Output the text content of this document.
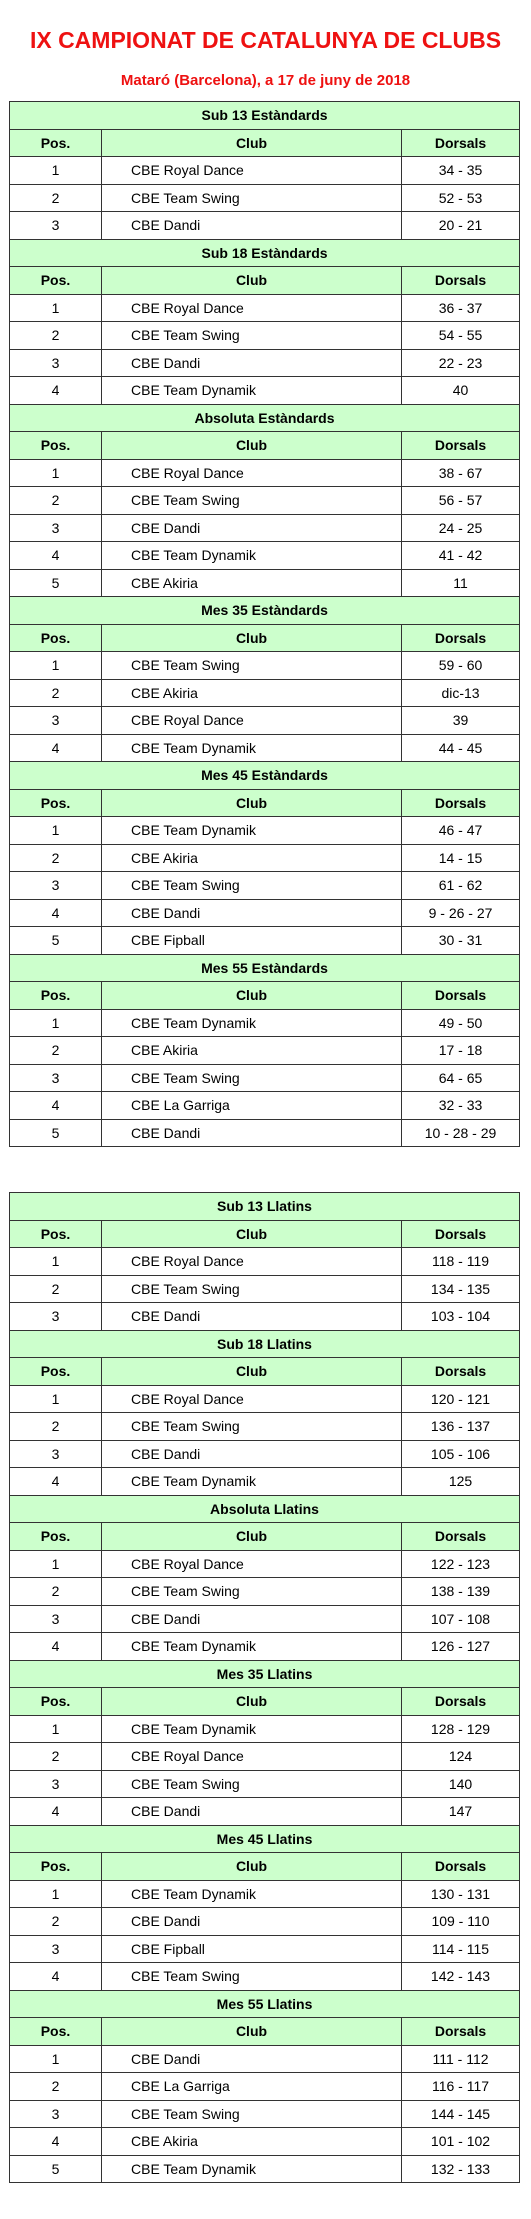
IX CAMPIONAT DE CATALUNYA DE CLUBS
Mataró (Barcelona), a 17 de juny de 2018
Sub 13 Estàndards		
Pos.	Club	Dorsals
1	CBE Royal Dance	34 - 35
2	CBE Team Swing	52 - 53
3	CBE Dandi	20 - 21
Sub 18 Estàndards		
Pos.	Club	Dorsals
1	CBE Royal Dance	36 - 37
2	CBE Team Swing	54 - 55
3	CBE Dandi	22 - 23
4	CBE Team Dynamik	40
Absoluta Estàndards		
Pos.	Club	Dorsals
1	CBE Royal Dance	38 - 67
2	CBE Team Swing	56 - 57
3	CBE Dandi	24 - 25
4	CBE Team Dynamik	41 - 42
5	CBE Akiria	11
Mes 35 Estàndards		
Pos.	Club	Dorsals
1	CBE Team Swing	59 - 60
2	CBE Akiria	dic-13
3	CBE Royal Dance	39
4	CBE Team Dynamik	44 - 45
Mes 45 Estàndards		
Pos.	Club	Dorsals
1	CBE Team Dynamik	46 - 47
2	CBE Akiria	14 - 15
3	CBE Team Swing	61 - 62
4	CBE Dandi	9 - 26 - 27
5	CBE Fipball	30 - 31
Mes 55 Estàndards		
Pos.	Club	Dorsals
1	CBE Team Dynamik	49 - 50
2	CBE Akiria	17 - 18
3	CBE Team Swing	64 - 65
4	CBE La Garriga	32 - 33
5	CBE Dandi	10 - 28 - 29
Sub 13 Llatins		
Pos.	Club	Dorsals
1	CBE Royal Dance	118 - 119
2	CBE Team Swing	134 - 135
3	CBE Dandi	103 - 104
Sub 18 Llatins		
Pos.	Club	Dorsals
1	CBE Royal Dance	120 - 121
2	CBE Team Swing	136 - 137
3	CBE Dandi	105 - 106
4	CBE Team Dynamik	125
Absoluta Llatins		
Pos.	Club	Dorsals
1	CBE Royal Dance	122 - 123
2	CBE Team Swing	138 - 139
3	CBE Dandi	107 - 108
4	CBE Team Dynamik	126 - 127
Mes 35 Llatins		
Pos.	Club	Dorsals
1	CBE Team Dynamik	128 - 129
2	CBE Royal Dance	124
3	CBE Team Swing	140
4	CBE Dandi	147
Mes 45 Llatins		
Pos.	Club	Dorsals
1	CBE Team Dynamik	130 - 131
2	CBE Dandi	109 - 110
3	CBE Fipball	114 - 115
4	CBE Team Swing	142 - 143
Mes 55 Llatins		
Pos.	Club	Dorsals
1	CBE Dandi	111 - 112
2	CBE La Garriga	116 - 117
3	CBE Team Swing	144 - 145
4	CBE Akiria	101 - 102
5	CBE Team Dynamik	132 - 133
